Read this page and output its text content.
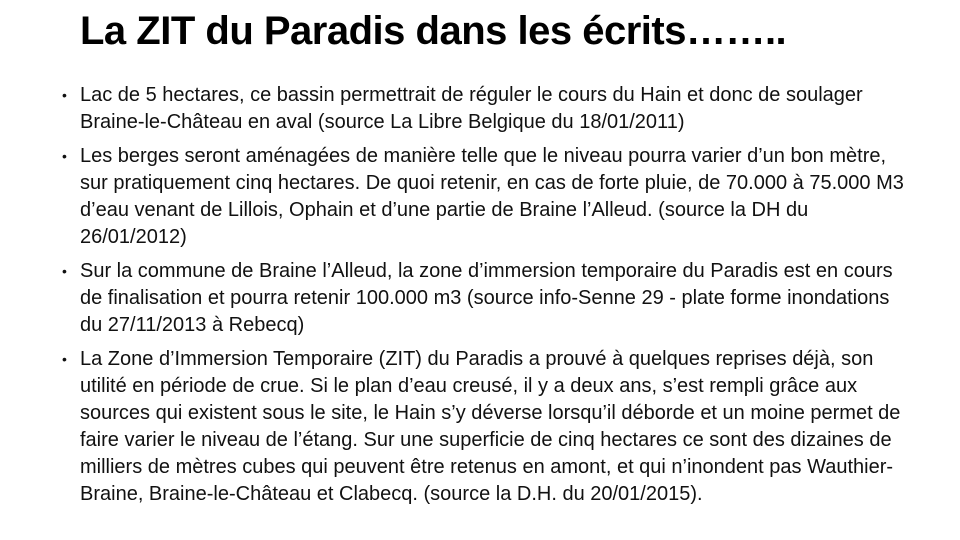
La ZIT du Paradis dans les écrits……..
• Lac de 5 hectares, ce bassin permettrait de réguler le cours du Hain et donc de soulager Braine-le-Château en aval (source La Libre Belgique du 18/01/2011)
• Les berges seront aménagées de manière telle que le niveau pourra varier d’un bon mètre, sur pratiquement cinq hectares. De quoi retenir, en cas de forte pluie, de 70.000 à 75.000 M3 d’eau venant de Lillois, Ophain et d’une partie de Braine l’Alleud. (source la DH du 26/01/2012)
• Sur la commune de Braine l’Alleud, la zone d’immersion temporaire du Paradis est en cours de finalisation et pourra retenir 100.000 m3 (source info-Senne 29 - plate forme inondations du 27/11/2013 à Rebecq)
• La Zone d’Immersion Temporaire (ZIT) du Paradis a prouvé à quelques reprises déjà, son utilité en période de crue. Si le plan d’eau creusé, il y a deux ans, s’est rempli grâce aux sources qui existent sous le site, le Hain s’y déverse lorsqu’il déborde et un moine permet de faire varier le niveau de l’étang. Sur une superficie de cinq hectares ce sont des dizaines de milliers de mètres cubes qui peuvent être retenus en amont, et qui n’inondent pas Wauthier-Braine, Braine-le-Château et Clabecq. (source la D.H. du 20/01/2015).
